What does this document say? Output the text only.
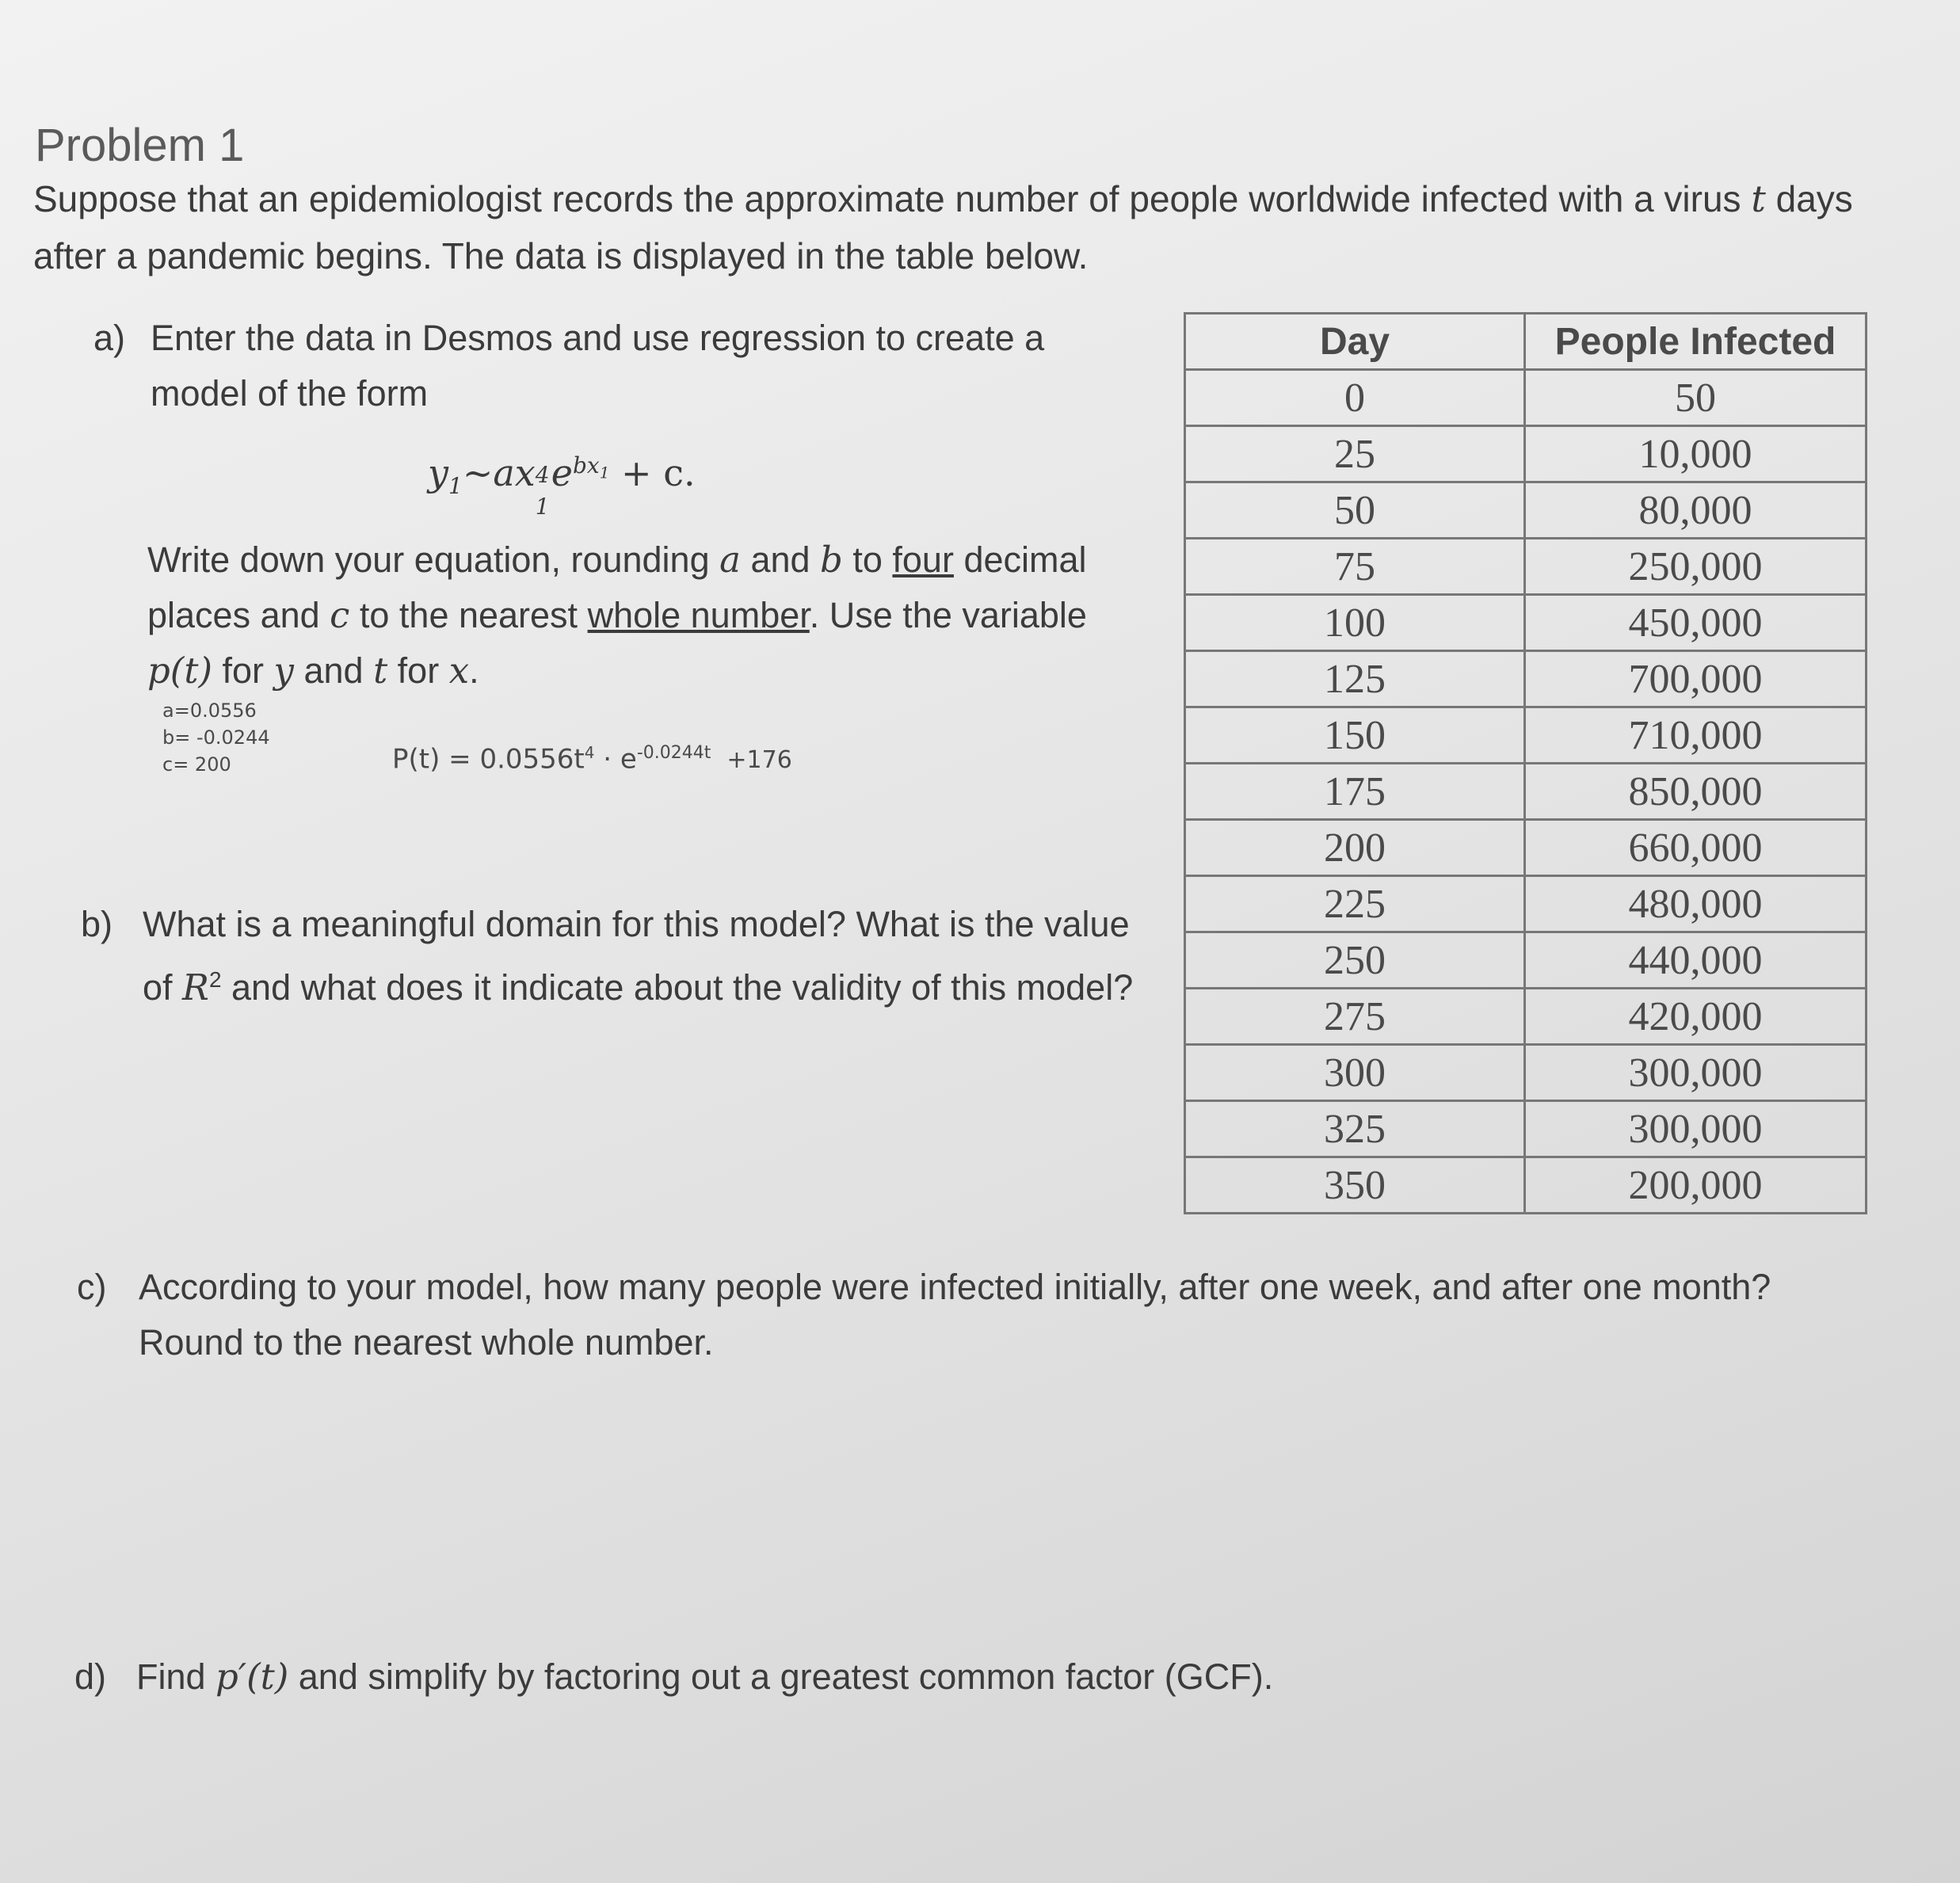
Problem 1
Suppose that an epidemiologist records the approximate number of people worldwide infected with a virus t days after a pandemic begins. The data is displayed in the table below.
a) Enter the data in Desmos and use regression to create a model of the form
$y_1\sim ax$ 4
1
$e^{bx_1} + c$.
Write down your equation, rounding a and b to four decimal places and c to the nearest whole number. Use the variable p(t) for y and t for x.
a=0.0556
b= -0.0244
c= 200	$P(t) = 0.0556t^4 \cdot e^{-0.0244t} +176$
b) What is a meaningful domain for this model? What is the value of $R^2$ and what does it indicate about the validity of this model?
c) According to your model, how many people were infected initially, after one week, and after one month? Round to the nearest whole number.
d) Find p′(t) and simplify by factoring out a greatest common factor (GCF).
Day	People Infected
0	50
25	10,000
50	80,000
75	250,000
100	450,000
125	700,000
150	710,000
175	850,000
200	660,000
225	480,000
250	440,000
275	420,000
300	300,000
325	300,000
350	200,000
